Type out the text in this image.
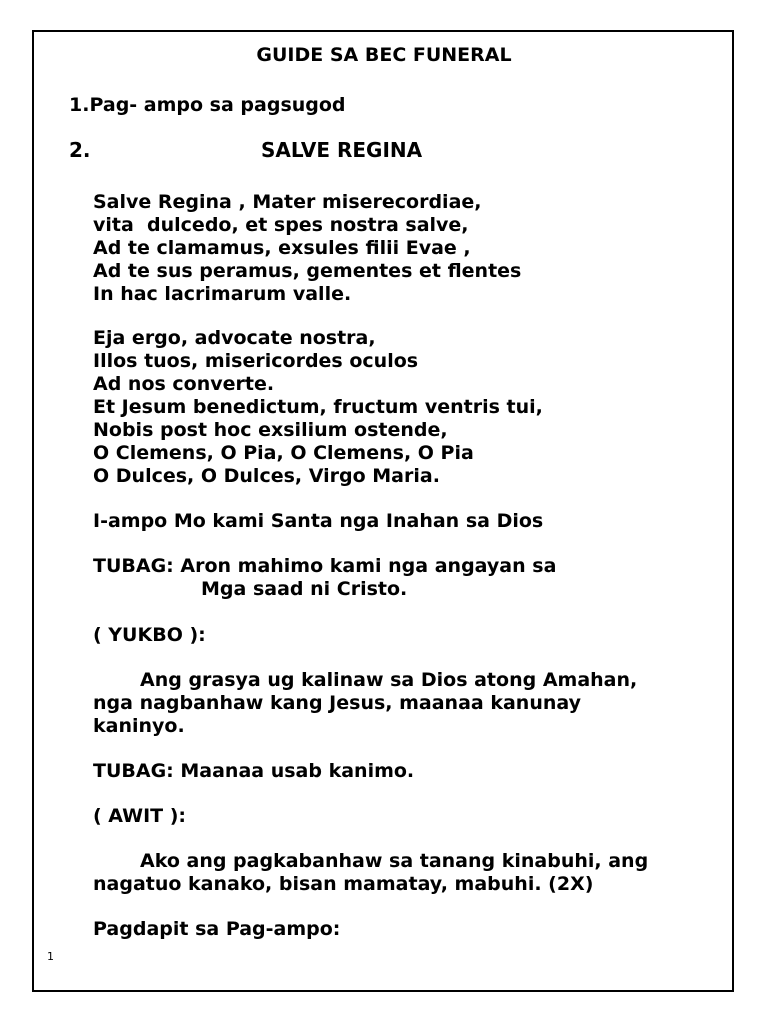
GUIDE SA BEC FUNERAL
1.Pag- ampo sa pagsugod
2.	SALVE REGINA
Salve Regina , Mater miserecordiae,
vita  dulcedo, et spes nostra salve,
Ad te clamamus, exsules filii Evae ,
Ad te sus peramus, gementes et flentes
In hac lacrimarum valle.
Eja ergo, advocate nostra,
Illos tuos, misericordes oculos
Ad nos converte.
Et Jesum benedictum, fructum ventris tui,
Nobis post hoc exsilium ostende,
O Clemens, O Pia, O Clemens, O Pia
O Dulces, O Dulces, Virgo Maria.
I-ampo Mo kami Santa nga Inahan sa Dios
TUBAG: Aron mahimo kami nga angayan sa
Mga saad ni Cristo.
( YUKBO ):
Ang grasya ug kalinaw sa Dios atong Amahan,
nga nagbanhaw kang Jesus, maanaa kanunay
kaninyo.
TUBAG: Maanaa usab kanimo.
( AWIT ):
Ako ang pagkabanhaw sa tanang kinabuhi, ang
nagatuo kanako, bisan mamatay, mabuhi. (2X)
Pagdapit sa Pag-ampo:
1
